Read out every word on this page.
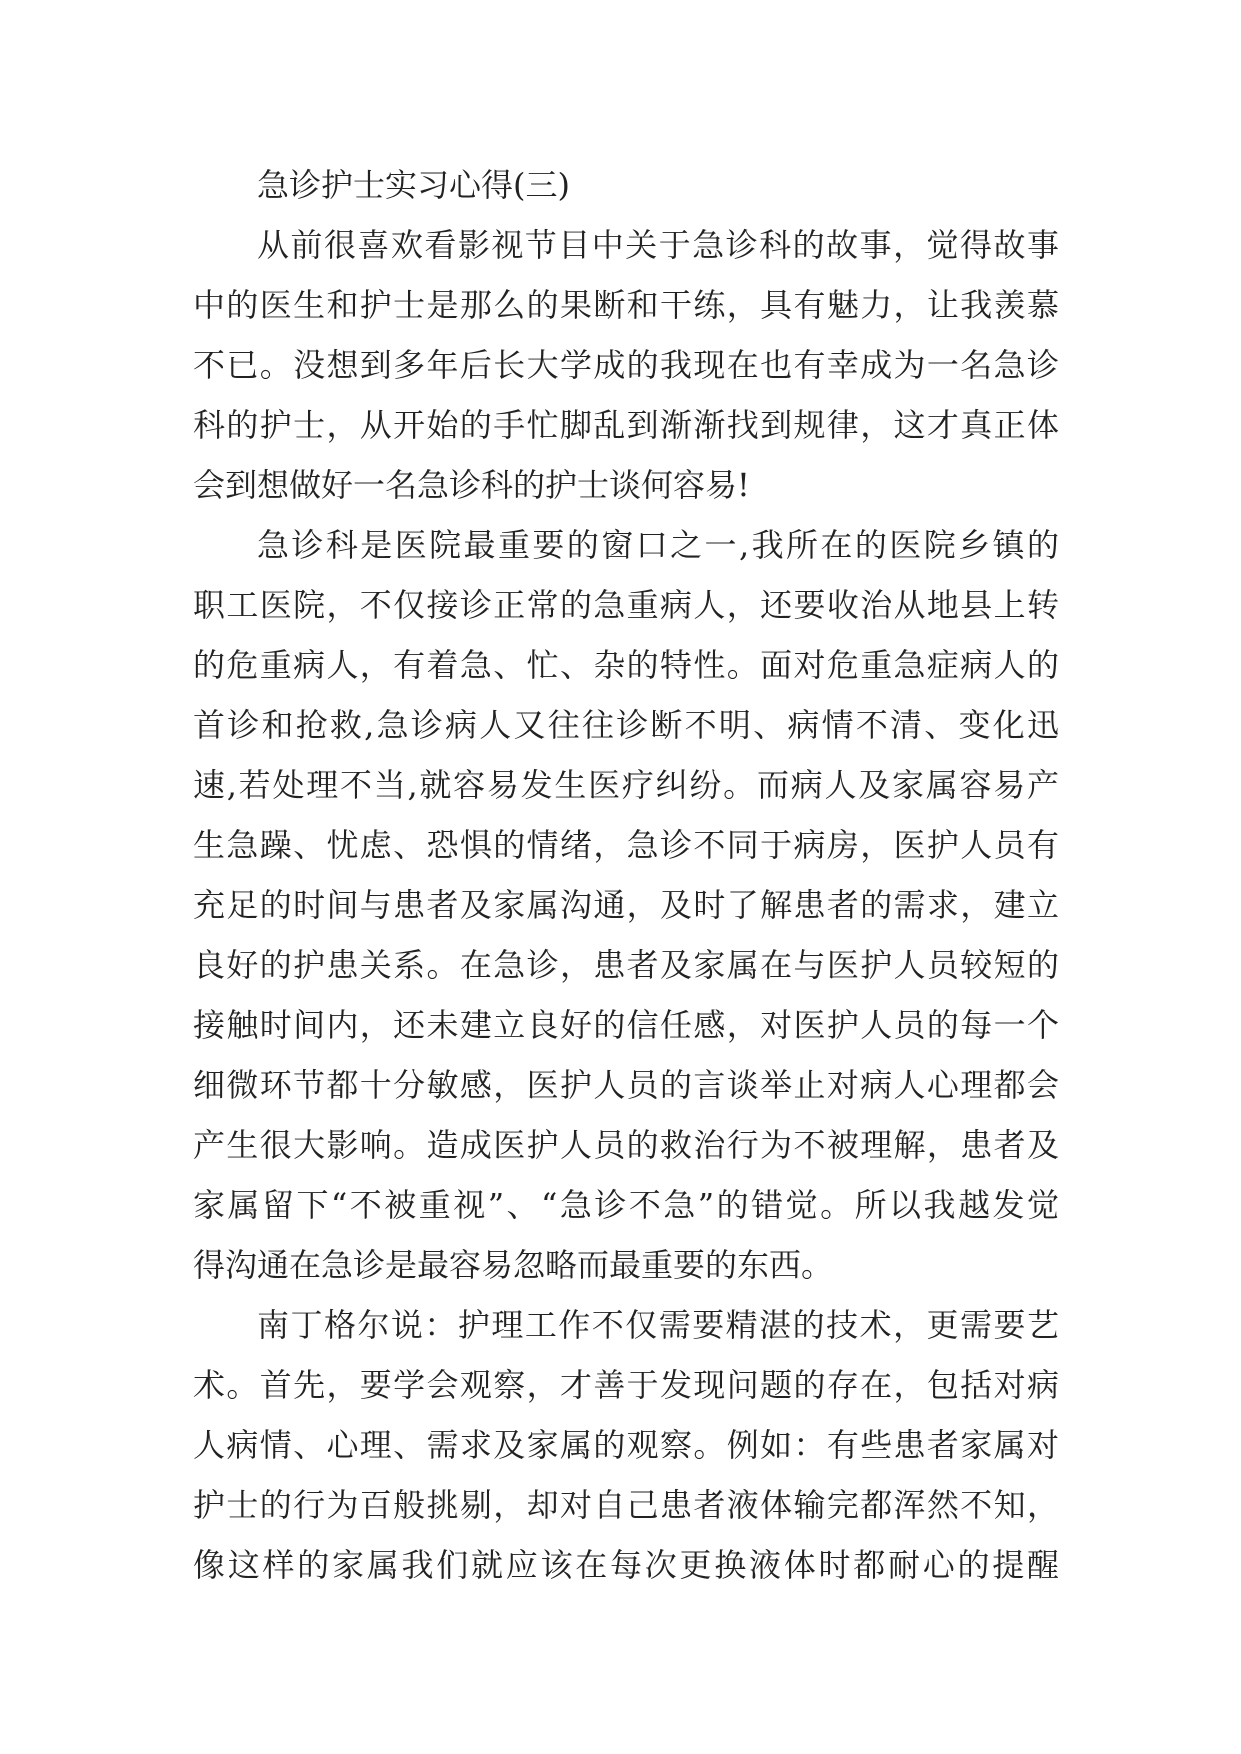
急诊护士实习心得(三)
从前很喜欢看影视节目中关于急诊科的故事，觉得故事
中的医生和护士是那么的果断和干练，具有魅力，让我羡慕
不已。没想到多年后长大学成的我现在也有幸成为一名急诊
科的护士，从开始的手忙脚乱到渐渐找到规律，这才真正体
会到想做好一名急诊科的护士谈何容易!
急诊科是医院最重要的窗口之一,我所在的医院乡镇的
职工医院，不仅接诊正常的急重病人，还要收治从地县上转
的危重病人，有着急、忙、杂的特性。面对危重急症病人的
首诊和抢救,急诊病人又往往诊断不明、病情不清、变化迅
速,若处理不当,就容易发生医疗纠纷。而病人及家属容易产
生急躁、忧虑、恐惧的情绪，急诊不同于病房，医护人员有
充足的时间与患者及家属沟通，及时了解患者的需求，建立
良好的护患关系。在急诊，患者及家属在与医护人员较短的
接触时间内，还未建立良好的信任感，对医护人员的每一个
细微环节都十分敏感，医护人员的言谈举止对病人心理都会
产生很大影响。造成医护人员的救治行为不被理解，患者及
家属留下“不被重视”、“急诊不急”的错觉。所以我越发觉
得沟通在急诊是最容易忽略而最重要的东西。
南丁格尔说：护理工作不仅需要精湛的技术，更需要艺
术。首先，要学会观察，才善于发现问题的存在，包括对病
人病情、心理、需求及家属的观察。例如：有些患者家属对
护士的行为百般挑剔，却对自己患者液体输完都浑然不知，
像这样的家属我们就应该在每次更换液体时都耐心的提醒
